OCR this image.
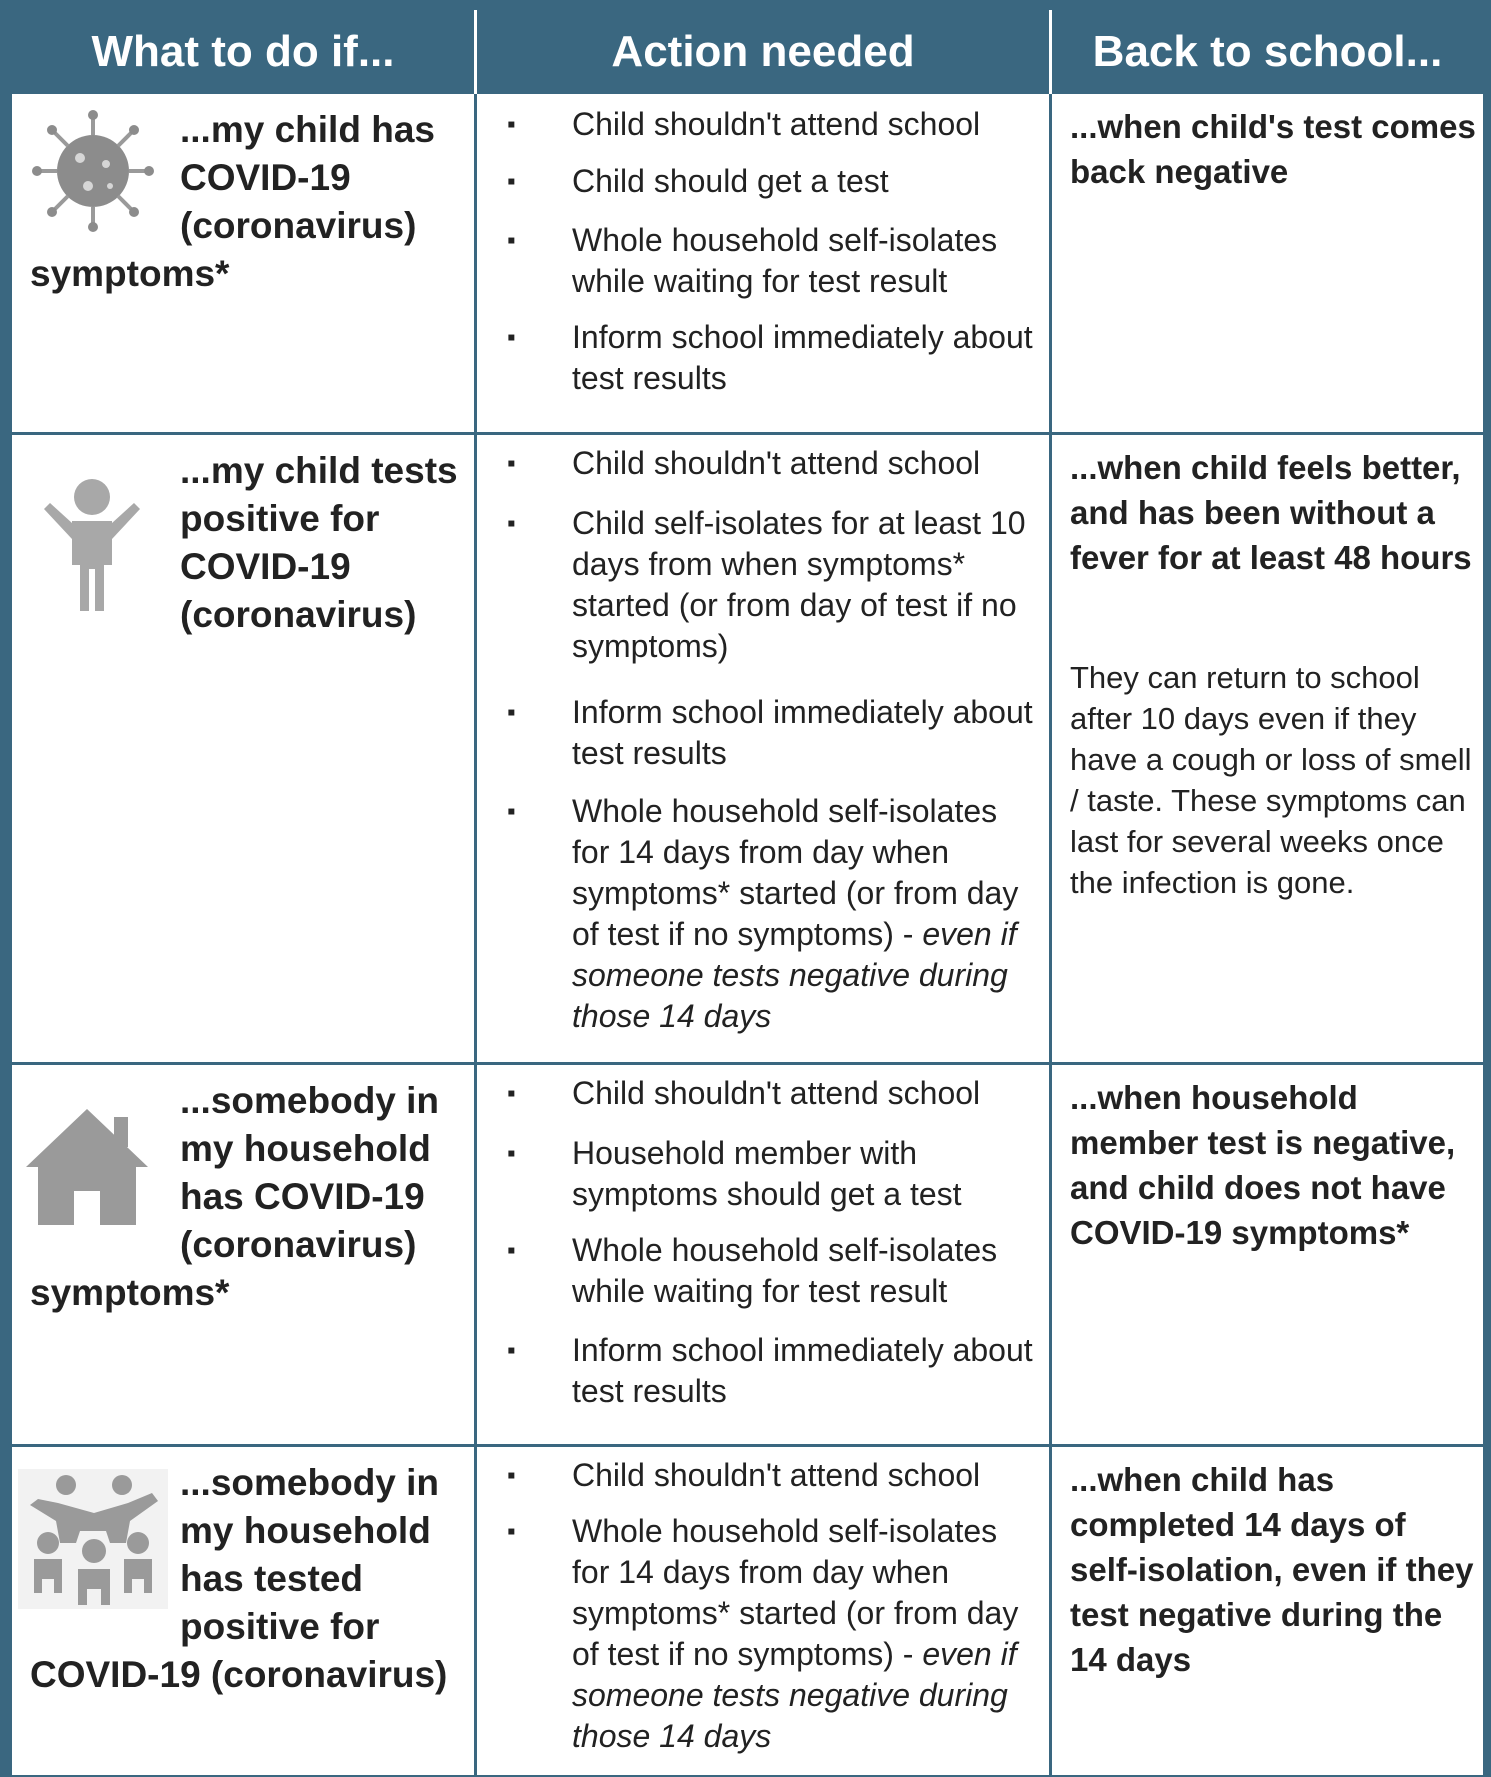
What to do if...	Action needed	Back to school...
...my child has COVID-19 (coronavirus) symptoms*
▪ Child shouldn't attend school
▪ Child should get a test
▪ Whole household self-isolates while waiting for test result
▪ Inform school immediately about test results
...when child's test comes back negative
...my child tests positive for COVID-19 (coronavirus)
▪ Child shouldn't attend school
▪ Child self-isolates for at least 10 days from when symptoms* started (or from day of test if no symptoms)
▪ Inform school immediately about test results
▪ Whole household self-isolates for 14 days from day when symptoms* started (or from day of test if no symptoms) - even if someone tests negative during those 14 days
...when child feels better, and has been without a fever for at least 48 hours
They can return to school after 10 days even if they have a cough or loss of smell / taste. These symptoms can last for several weeks once the infection is gone.
...somebody in my household has COVID-19 (coronavirus) symptoms*
▪ Child shouldn't attend school
▪ Household member with symptoms should get a test
▪ Whole household self-isolates while waiting for test result
▪ Inform school immediately about test results
...when household member test is negative, and child does not have COVID-19 symptoms*
...somebody in my household has tested positive for COVID-19 (coronavirus)
▪ Child shouldn't attend school
▪ Whole household self-isolates for 14 days from day when symptoms* started (or from day of test if no symptoms) - even if someone tests negative during those 14 days
...when child has completed 14 days of self-isolation, even if they test negative during the 14 days
